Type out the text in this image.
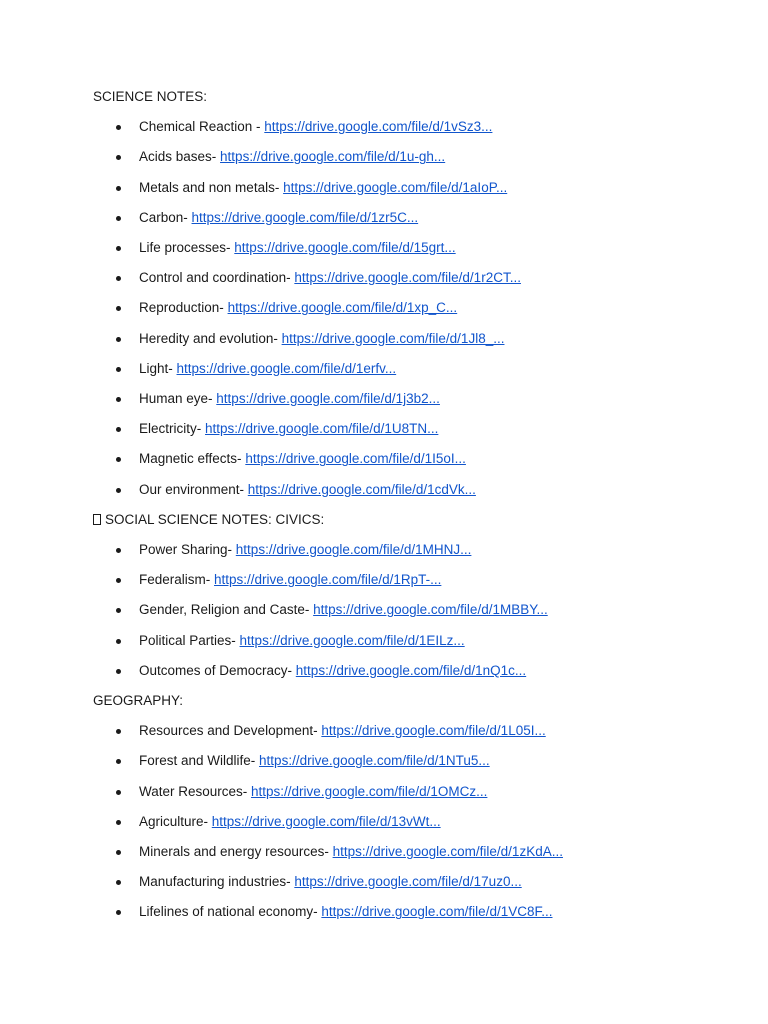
SCIENCE NOTES:
Chemical Reaction - https://drive.google.com/file/d/1vSz3...
Acids bases- https://drive.google.com/file/d/1u-gh...
Metals and non metals- https://drive.google.com/file/d/1aIoP...
Carbon- https://drive.google.com/file/d/1zr5C...
Life processes- https://drive.google.com/file/d/15grt...
Control and coordination- https://drive.google.com/file/d/1r2CT...
Reproduction- https://drive.google.com/file/d/1xp_C...
Heredity and evolution- https://drive.google.com/file/d/1Jl8_...
Light- https://drive.google.com/file/d/1erfv...
Human eye- https://drive.google.com/file/d/1j3b2...
Electricity- https://drive.google.com/file/d/1U8TN...
Magnetic effects- https://drive.google.com/file/d/1I5oI...
Our environment- https://drive.google.com/file/d/1cdVk...
SOCIAL SCIENCE NOTES: CIVICS:
Power Sharing- https://drive.google.com/file/d/1MHNJ...
Federalism- https://drive.google.com/file/d/1RpT-...
Gender, Religion and Caste- https://drive.google.com/file/d/1MBBY...
Political Parties- https://drive.google.com/file/d/1EILz...
Outcomes of Democracy- https://drive.google.com/file/d/1nQ1c...
GEOGRAPHY:
Resources and Development- https://drive.google.com/file/d/1L05I...
Forest and Wildlife- https://drive.google.com/file/d/1NTu5...
Water Resources- https://drive.google.com/file/d/1OMCz...
Agriculture- https://drive.google.com/file/d/13vWt...
Minerals and energy resources- https://drive.google.com/file/d/1zKdA...
Manufacturing industries- https://drive.google.com/file/d/17uz0...
Lifelines of national economy- https://drive.google.com/file/d/1VC8F...
